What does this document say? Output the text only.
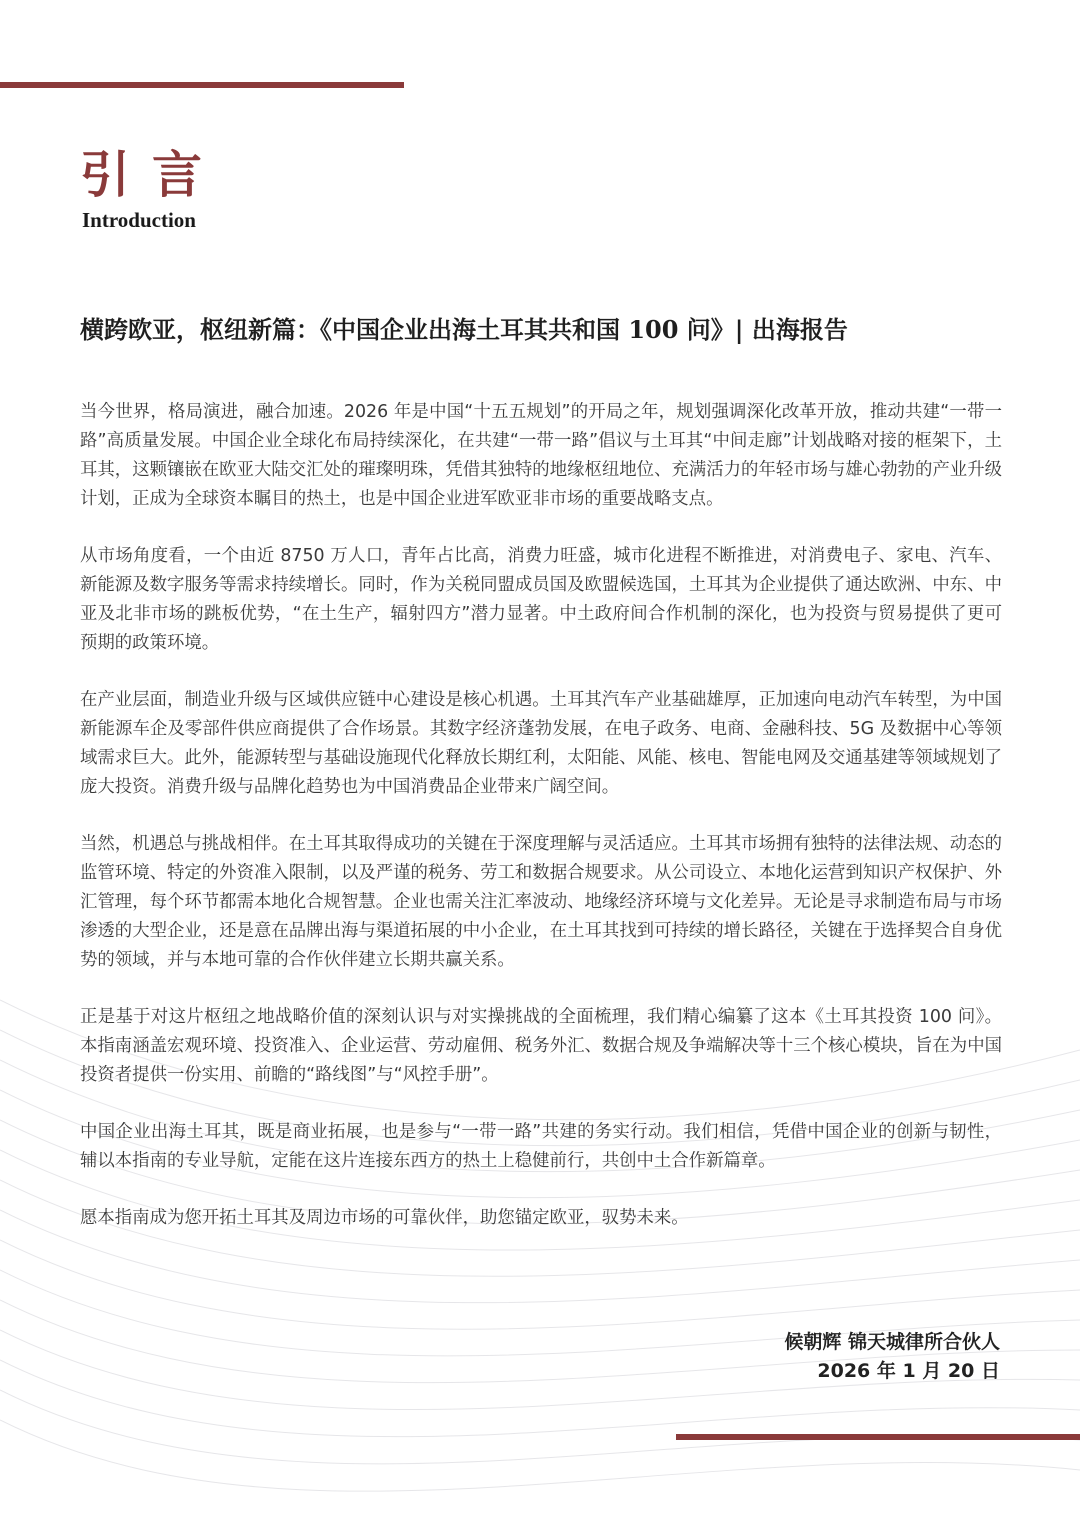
引言
Introduction
横跨欧亚，枢纽新篇：《中国企业出海土耳其共和国 100 问》| 出海报告

当今世界，格局演进，融合加速。2026 年是中国“十五五规划”的开局之年，规划强调深化改革开放，推动共建“一带一路”高质量发展。中国企业全球化布局持续深化，在共建“一带一路”倡议与土耳其“中间走廊”计划战略对接的框架下，土耳其，这颗镶嵌在欧亚大陆交汇处的璀璨明珠，凭借其独特的地缘枢纽地位、充满活力的年轻市场与雄心勃勃的产业升级计划，正成为全球资本瞩目的热土，也是中国企业进军欧亚非市场的重要战略支点。

从市场角度看，一个由近 8750 万人口，青年占比高，消费力旺盛，城市化进程不断推进，对消费电子、家电、汽车、新能源及数字服务等需求持续增长。同时，作为关税同盟成员国及欧盟候选国，土耳其为企业提供了通达欧洲、中东、中亚及北非市场的跳板优势，“在土生产，辐射四方”潜力显著。中土政府间合作机制的深化，也为投资与贸易提供了更可预期的政策环境。

在产业层面，制造业升级与区域供应链中心建设是核心机遇。土耳其汽车产业基础雄厚，正加速向电动汽车转型，为中国新能源车企及零部件供应商提供了合作场景。其数字经济蓬勃发展，在电子政务、电商、金融科技、5G 及数据中心等领域需求巨大。此外，能源转型与基础设施现代化释放长期红利，太阳能、风能、核电、智能电网及交通基建等领域规划了庞大投资。消费升级与品牌化趋势也为中国消费品企业带来广阔空间。

当然，机遇总与挑战相伴。在土耳其取得成功的关键在于深度理解与灵活适应。土耳其市场拥有独特的法律法规、动态的监管环境、特定的外资准入限制，以及严谨的税务、劳工和数据合规要求。从公司设立、本地化运营到知识产权保护、外汇管理，每个环节都需本地化合规智慧。企业也需关注汇率波动、地缘经济环境与文化差异。无论是寻求制造布局与市场渗透的大型企业，还是意在品牌出海与渠道拓展的中小企业，在土耳其找到可持续的增长路径，关键在于选择契合自身优势的领域，并与本地可靠的合作伙伴建立长期共赢关系。

正是基于对这片枢纽之地战略价值的深刻认识与对实操挑战的全面梳理，我们精心编纂了这本《土耳其投资 100 问》。本指南涵盖宏观环境、投资准入、企业运营、劳动雇佣、税务外汇、数据合规及争端解决等十三个核心模块，旨在为中国投资者提供一份实用、前瞻的“路线图”与“风控手册”。

中国企业出海土耳其，既是商业拓展，也是参与“一带一路”共建的务实行动。我们相信，凭借中国企业的创新与韧性，辅以本指南的专业导航，定能在这片连接东西方的热土上稳健前行，共创中土合作新篇章。

愿本指南成为您开拓土耳其及周边市场的可靠伙伴，助您锚定欧亚，驭势未来。

候朝辉 锦天城律所合伙人
2026 年 1 月 20 日
